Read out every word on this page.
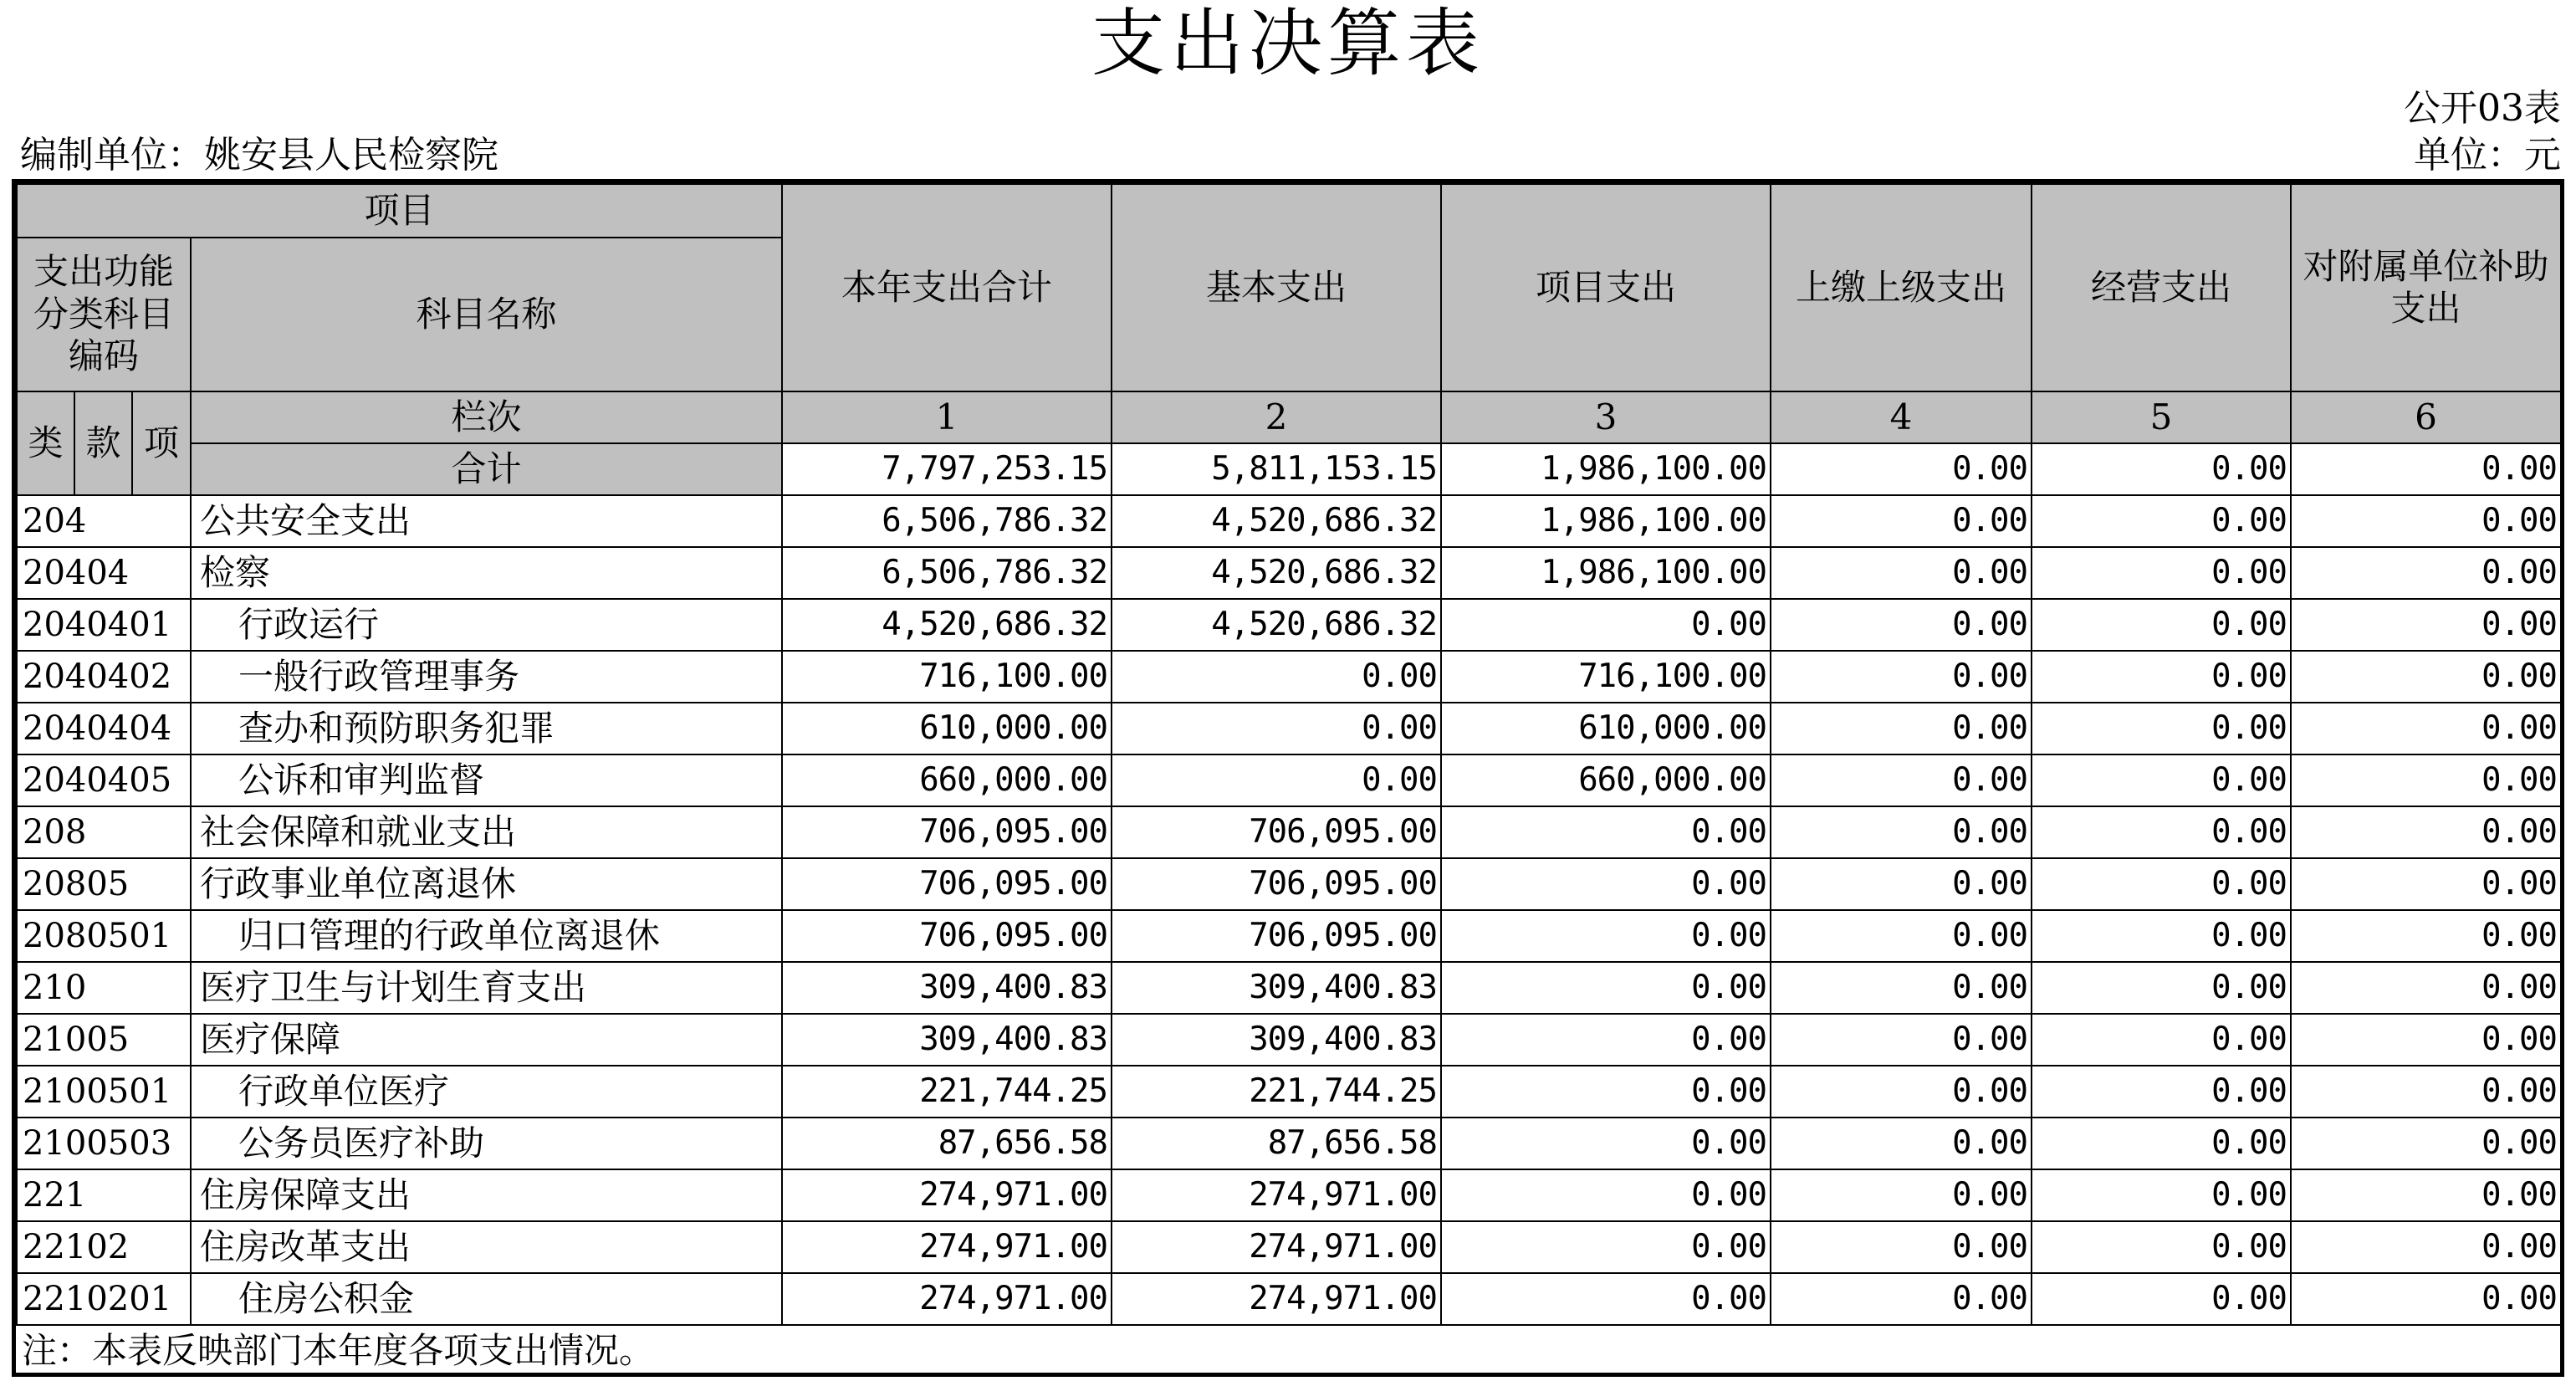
支出决算表
公开03表
编制单位：姚安县人民检察院	单位：元
项目				本年支出合计	基本支出	项目支出	上缴上级支出	经营支出	对附属单位补助支出
支出功能分类科目编码			科目名称						
类	款	项	栏次	1	2	3	4	5	6
			合计	7,797,253.15	5,811,153.15	1,986,100.00	0.00	0.00	0.00
204			公共安全支出	6,506,786.32	4,520,686.32	1,986,100.00	0.00	0.00	0.00
20404			检察	6,506,786.32	4,520,686.32	1,986,100.00	0.00	0.00	0.00
2040401			行政运行	4,520,686.32	4,520,686.32	0.00	0.00	0.00	0.00
2040402			一般行政管理事务	716,100.00	0.00	716,100.00	0.00	0.00	0.00
2040404			查办和预防职务犯罪	610,000.00	0.00	610,000.00	0.00	0.00	0.00
2040405			公诉和审判监督	660,000.00	0.00	660,000.00	0.00	0.00	0.00
208			社会保障和就业支出	706,095.00	706,095.00	0.00	0.00	0.00	0.00
20805			行政事业单位离退休	706,095.00	706,095.00	0.00	0.00	0.00	0.00
2080501			归口管理的行政单位离退休	706,095.00	706,095.00	0.00	0.00	0.00	0.00
210			医疗卫生与计划生育支出	309,400.83	309,400.83	0.00	0.00	0.00	0.00
21005			医疗保障	309,400.83	309,400.83	0.00	0.00	0.00	0.00
2100501			行政单位医疗	221,744.25	221,744.25	0.00	0.00	0.00	0.00
2100503			公务员医疗补助	87,656.58	87,656.58	0.00	0.00	0.00	0.00
221			住房保障支出	274,971.00	274,971.00	0.00	0.00	0.00	0.00
22102			住房改革支出	274,971.00	274,971.00	0.00	0.00	0.00	0.00
2210201			住房公积金	274,971.00	274,971.00	0.00	0.00	0.00	0.00
注：本表反映部门本年度各项支出情况。									
